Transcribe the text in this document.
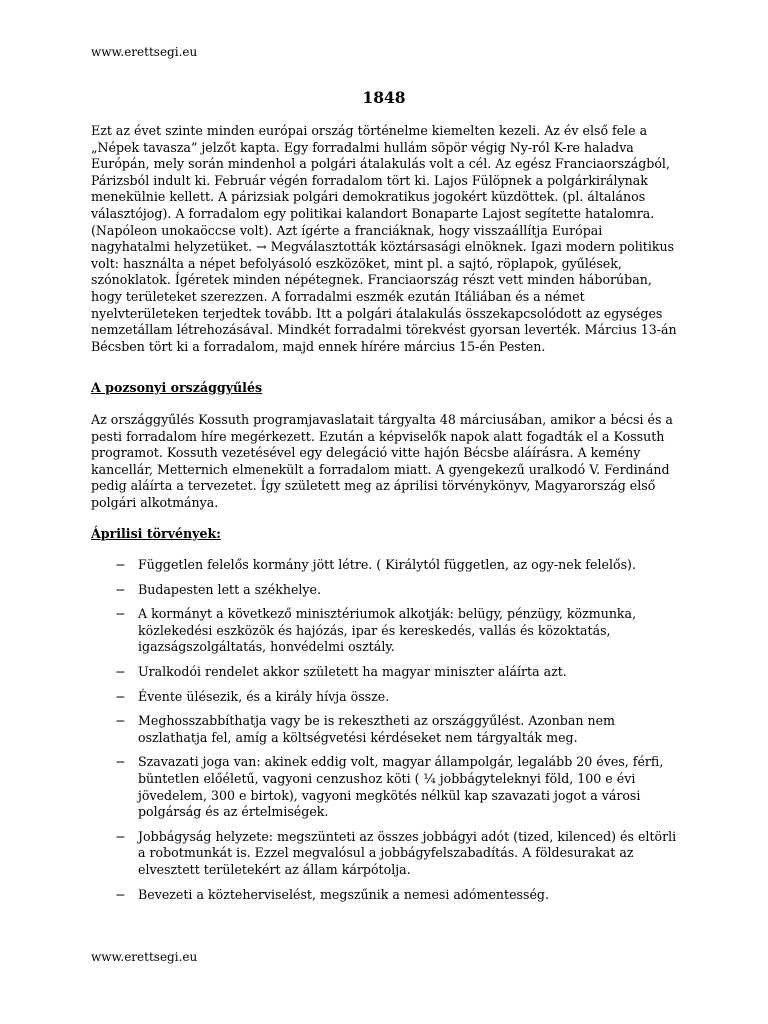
www.erettsegi.eu
1848

Ezt az évet szinte minden európai ország történelme kiemelten kezeli. Az év első fele a „Népek tavasza” jelzőt kapta. Egy forradalmi hullám söpör végig Ny-ról K-re haladva Európán, mely során mindenhol a polgári átalakulás volt a cél. Az egész Franciaországból, Párizsból indult ki. Február végén forradalom tört ki. Lajos Fülöpnek a polgárkirálynak menekülnie kellett. A párizsiak polgári demokratikus jogokért küzdöttek. (pl. általános választójog). A forradalom egy politikai kalandort Bonaparte Lajost segítette hatalomra. (Napóleon unokaöccse volt). Azt ígérte a franciáknak, hogy visszaállítja Európai nagyhatalmi helyzetüket. → Megválasztották köztársasági elnöknek. Igazi modern politikus volt: használta a népet befolyásoló eszközöket, mint pl. a sajtó, röplapok, gyűlések, szónoklatok. Ígéretek minden népétegnek. Franciaország részt vett minden háborúban, hogy területeket szerezzen. A forradalmi eszmék ezután Itáliában és a német nyelvterületeken terjedtek tovább. Itt a polgári átalakulás összekapcsolódott az egységes nemzetállam létrehozásával. Mindkét forradalmi törekvést gyorsan leverték. Március 13-án Bécsben tört ki a forradalom, majd ennek hírére március 15-én Pesten.

A pozsonyi országgyűlés

Az országgyűlés Kossuth programjavaslatait tárgyalta 48 márciusában, amikor a bécsi és a pesti forradalom híre megérkezett. Ezután a képviselők napok alatt fogadták el a Kossuth programot. Kossuth vezetésével egy delegáció vitte hajón Bécsbe aláírásra. A kemény kancellár, Metternich elmenekült a forradalom miatt. A gyengekezű uralkodó V. Ferdinánd pedig aláírta a tervezetet. Így született meg az áprilisi törvénykönyv, Magyarország első polgári alkotmánya.

Áprilisi törvények:
− Független felelős kormány jött létre. ( Királytól független, az ogy-nek felelős).
− Budapesten lett a székhelye.
− A kormányt a következő minisztériumok alkotják: belügy, pénzügy, közmunka, közlekedési eszközök és hajózás, ipar és kereskedés, vallás és közoktatás, igazságszolgáltatás, honvédelmi osztály.
− Uralkodói rendelet akkor született ha magyar miniszter aláírta azt.
− Évente ülésezik, és a király hívja össze.
− Meghosszabbíthatja vagy be is rekesztheti az országgyűlést. Azonban nem oszlathatja fel, amíg a költségvetési kérdéseket nem tárgyalták meg.
− Szavazati joga van: akinek eddig volt, magyar állampolgár, legalább 20 éves, férfi, büntetlen előéletű, vagyoni cenzushoz köti ( ¼ jobbágyteleknyi föld, 100 e évi jövedelem, 300 e birtok), vagyoni megkötés nélkül kap szavazati jogot a városi polgárság és az értelmiségek.
− Jobbágyság helyzete: megszünteti az összes jobbágyi adót (tized, kilenced) és eltörli a robotmunkát is. Ezzel megvalósul a jobbágyfelszabadítás. A földesurakat az elvesztett területekért az állam kárpótolja.
− Bevezeti a közteherviselést, megszűnik a nemesi adómentesség.
www.erettsegi.eu
